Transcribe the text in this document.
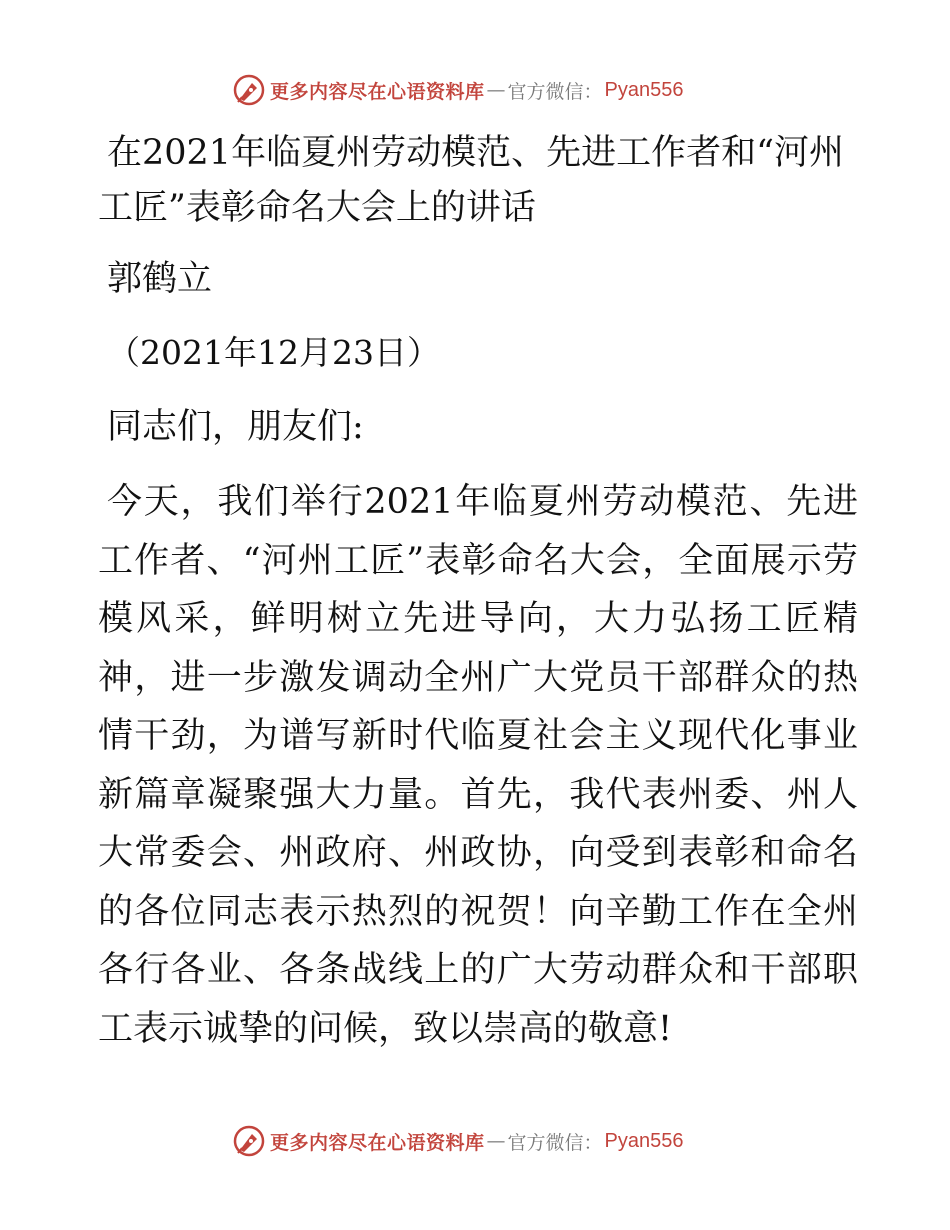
更多内容尽在心语资料库 — 官方微信： Pyan556
在2021年临夏州劳动模范、先进工作者和“河州工匠”表彰命名大会上的讲话

郭鹤立

（2021年12月23日）

同志们，朋友们:

今天，我们举行2021年临夏州劳动模范、先进工作者、“河州工匠”表彰命名大会，全面展示劳模风采，鲜明树立先进导向，大力弘扬工匠精神，进一步激发调动全州广大党员干部群众的热情干劲，为谱写新时代临夏社会主义现代化事业新篇章凝聚强大力量。首先，我代表州委、州人大常委会、州政府、州政协，向受到表彰和命名的各位同志表示热烈的祝贺！向辛勤工作在全州各行各业、各条战线上的广大劳动群众和干部职工表示诚挚的问候，致以崇高的敬意!

更多内容尽在心语资料库 — 官方微信： Pyan556
